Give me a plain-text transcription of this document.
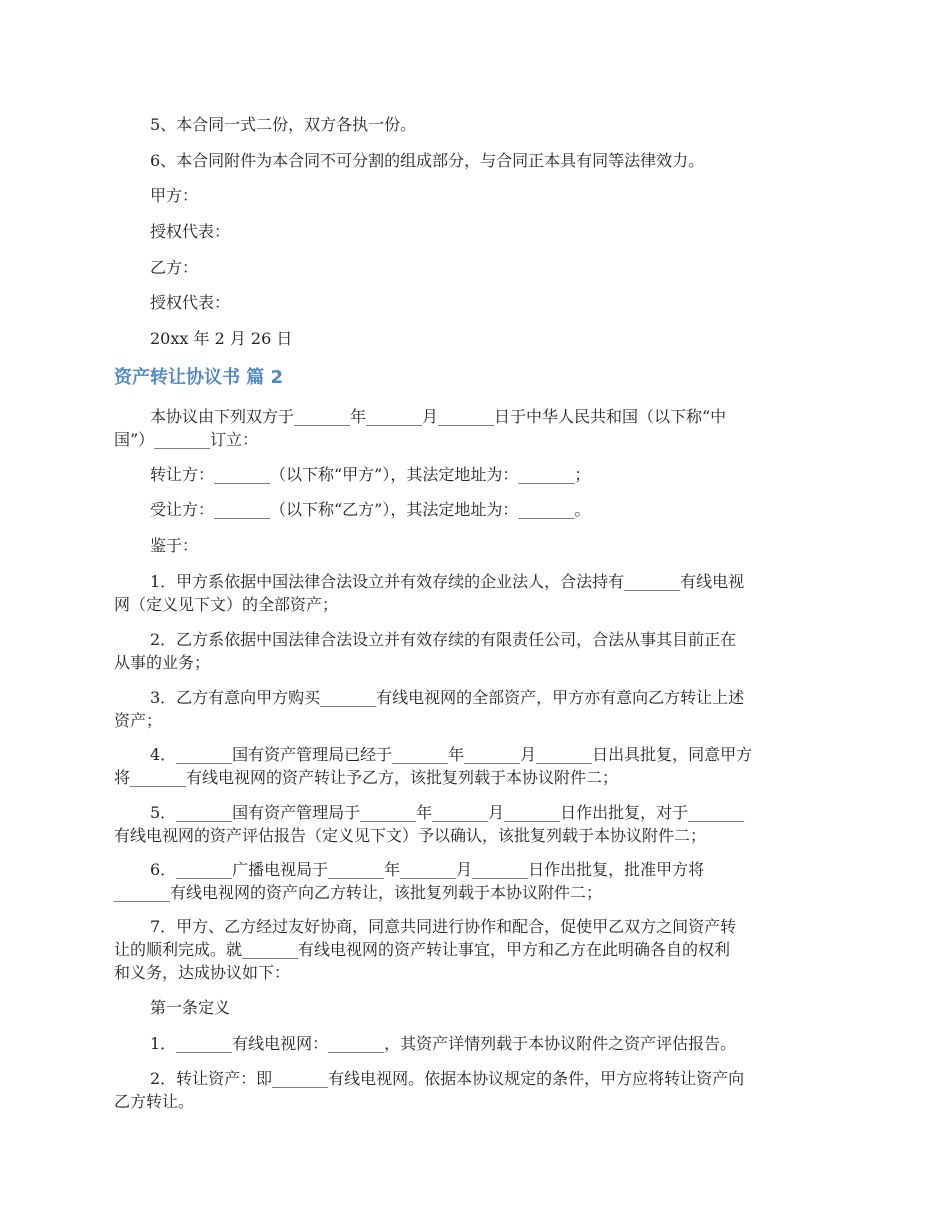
5、本合同一式二份，双方各执一份。
6、本合同附件为本合同不可分割的组成部分，与合同正本具有同等法律效力。
甲方：
授权代表：
乙方：
授权代表：
20xx 年 2 月 26 日
资产转让协议书 篇 2
本协议由下列双方于_______年_______月_______日于中华人民共和国（以下称“中
国”）_______订立：
转让方：_______（以下称“甲方”），其法定地址为：_______；
受让方：_______（以下称“乙方”），其法定地址为：_______。
鉴于：
1．甲方系依据中国法律合法设立并有效存续的企业法人，合法持有_______有线电视
网（定义见下文）的全部资产；
2．乙方系依据中国法律合法设立并有效存续的有限责任公司，合法从事其目前正在
从事的业务；
3．乙方有意向甲方购买_______有线电视网的全部资产，甲方亦有意向乙方转让上述
资产；
4．_______国有资产管理局已经于_______年_______月_______日出具批复，同意甲方
将_______有线电视网的资产转让予乙方，该批复列载于本协议附件二；
5．_______国有资产管理局于_______年_______月_______日作出批复，对于_______
有线电视网的资产评估报告（定义见下文）予以确认，该批复列载于本协议附件二；
6．_______广播电视局于_______年_______月_______日作出批复，批准甲方将
_______有线电视网的资产向乙方转让，该批复列载于本协议附件二；
7．甲方、乙方经过友好协商，同意共同进行协作和配合，促使甲乙双方之间资产转
让的顺利完成。就_______有线电视网的资产转让事宜，甲方和乙方在此明确各自的权利
和义务，达成协议如下：
第一条定义
1．_______有线电视网：_______，其资产详情列载于本协议附件之资产评估报告。
2．转让资产：即_______有线电视网。依据本协议规定的条件，甲方应将转让资产向
乙方转让。
